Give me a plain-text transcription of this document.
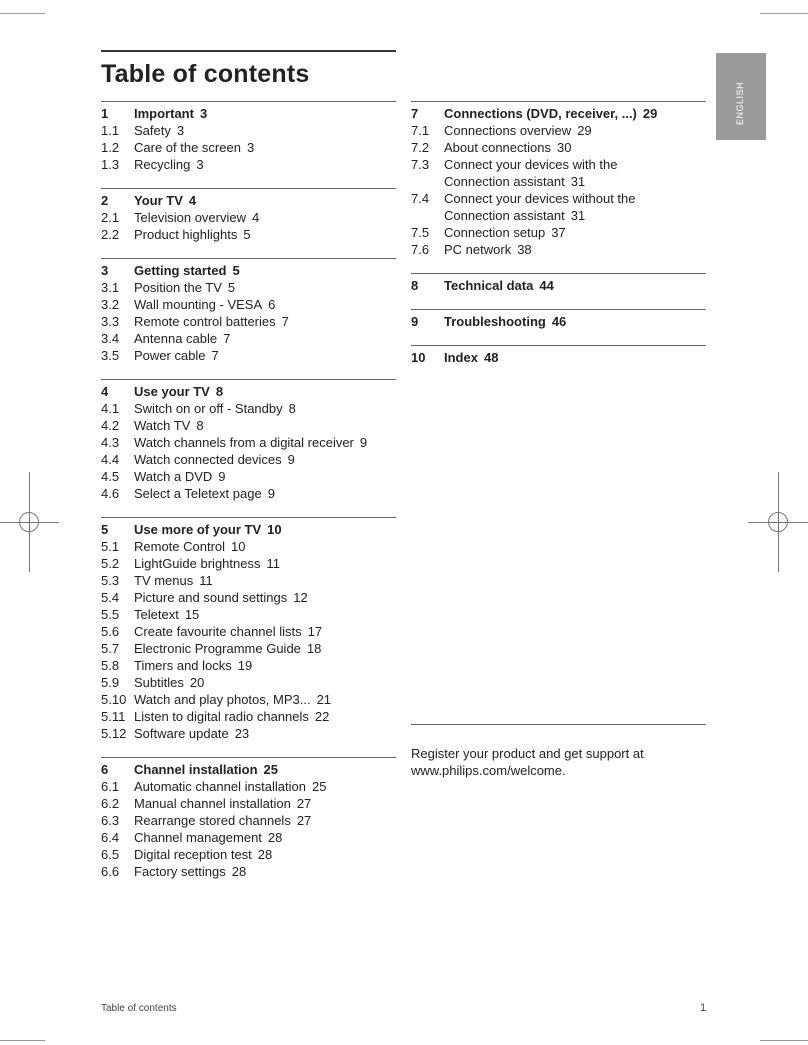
Table of contents
ENGLISH
1	Important 3
1.1	Safety 3
1.2	Care of the screen 3
1.3	Recycling 3
2	Your TV 4
2.1	Television overview 4
2.2	Product highlights 5
3	Getting started 5
3.1	Position the TV 5
3.2	Wall mounting - VESA 6
3.3	Remote control batteries 7
3.4	Antenna cable 7
3.5	Power cable 7
4	Use your TV 8
4.1	Switch on or off - Standby 8
4.2	Watch TV 8
4.3	Watch channels from a digital receiver 9
4.4	Watch connected devices 9
4.5	Watch a DVD 9
4.6	Select a Teletext page 9
5	Use more of your TV 10
5.1	Remote Control 10
5.2	LightGuide brightness 11
5.3	TV menus 11
5.4	Picture and sound settings 12
5.5	Teletext 15
5.6	Create favourite channel lists 17
5.7	Electronic Programme Guide 18
5.8	Timers and locks 19
5.9	Subtitles 20
5.10 Watch and play photos, MP3... 21
5.11 Listen to digital radio channels 22
5.12 Software update 23
6	Channel installation 25
6.1	Automatic channel installation 25
6.2	Manual channel installation 27
6.3	Rearrange stored channels 27
6.4	Channel management 28
6.5	Digital reception test 28
6.6	Factory settings 28
7	Connections (DVD, receiver, ...) 29
7.1	Connections overview 29
7.2	About connections 30
7.3	Connect your devices with the
Connection assistant 31
7.4	Connect your devices without the
Connection assistant 31
7.5	Connection setup 37
7.6	PC network 38
8	Technical data 44
9	Troubleshooting 46
10	Index 48
Register your product and get support at
www.philips.com/welcome.
Table of contents	1
